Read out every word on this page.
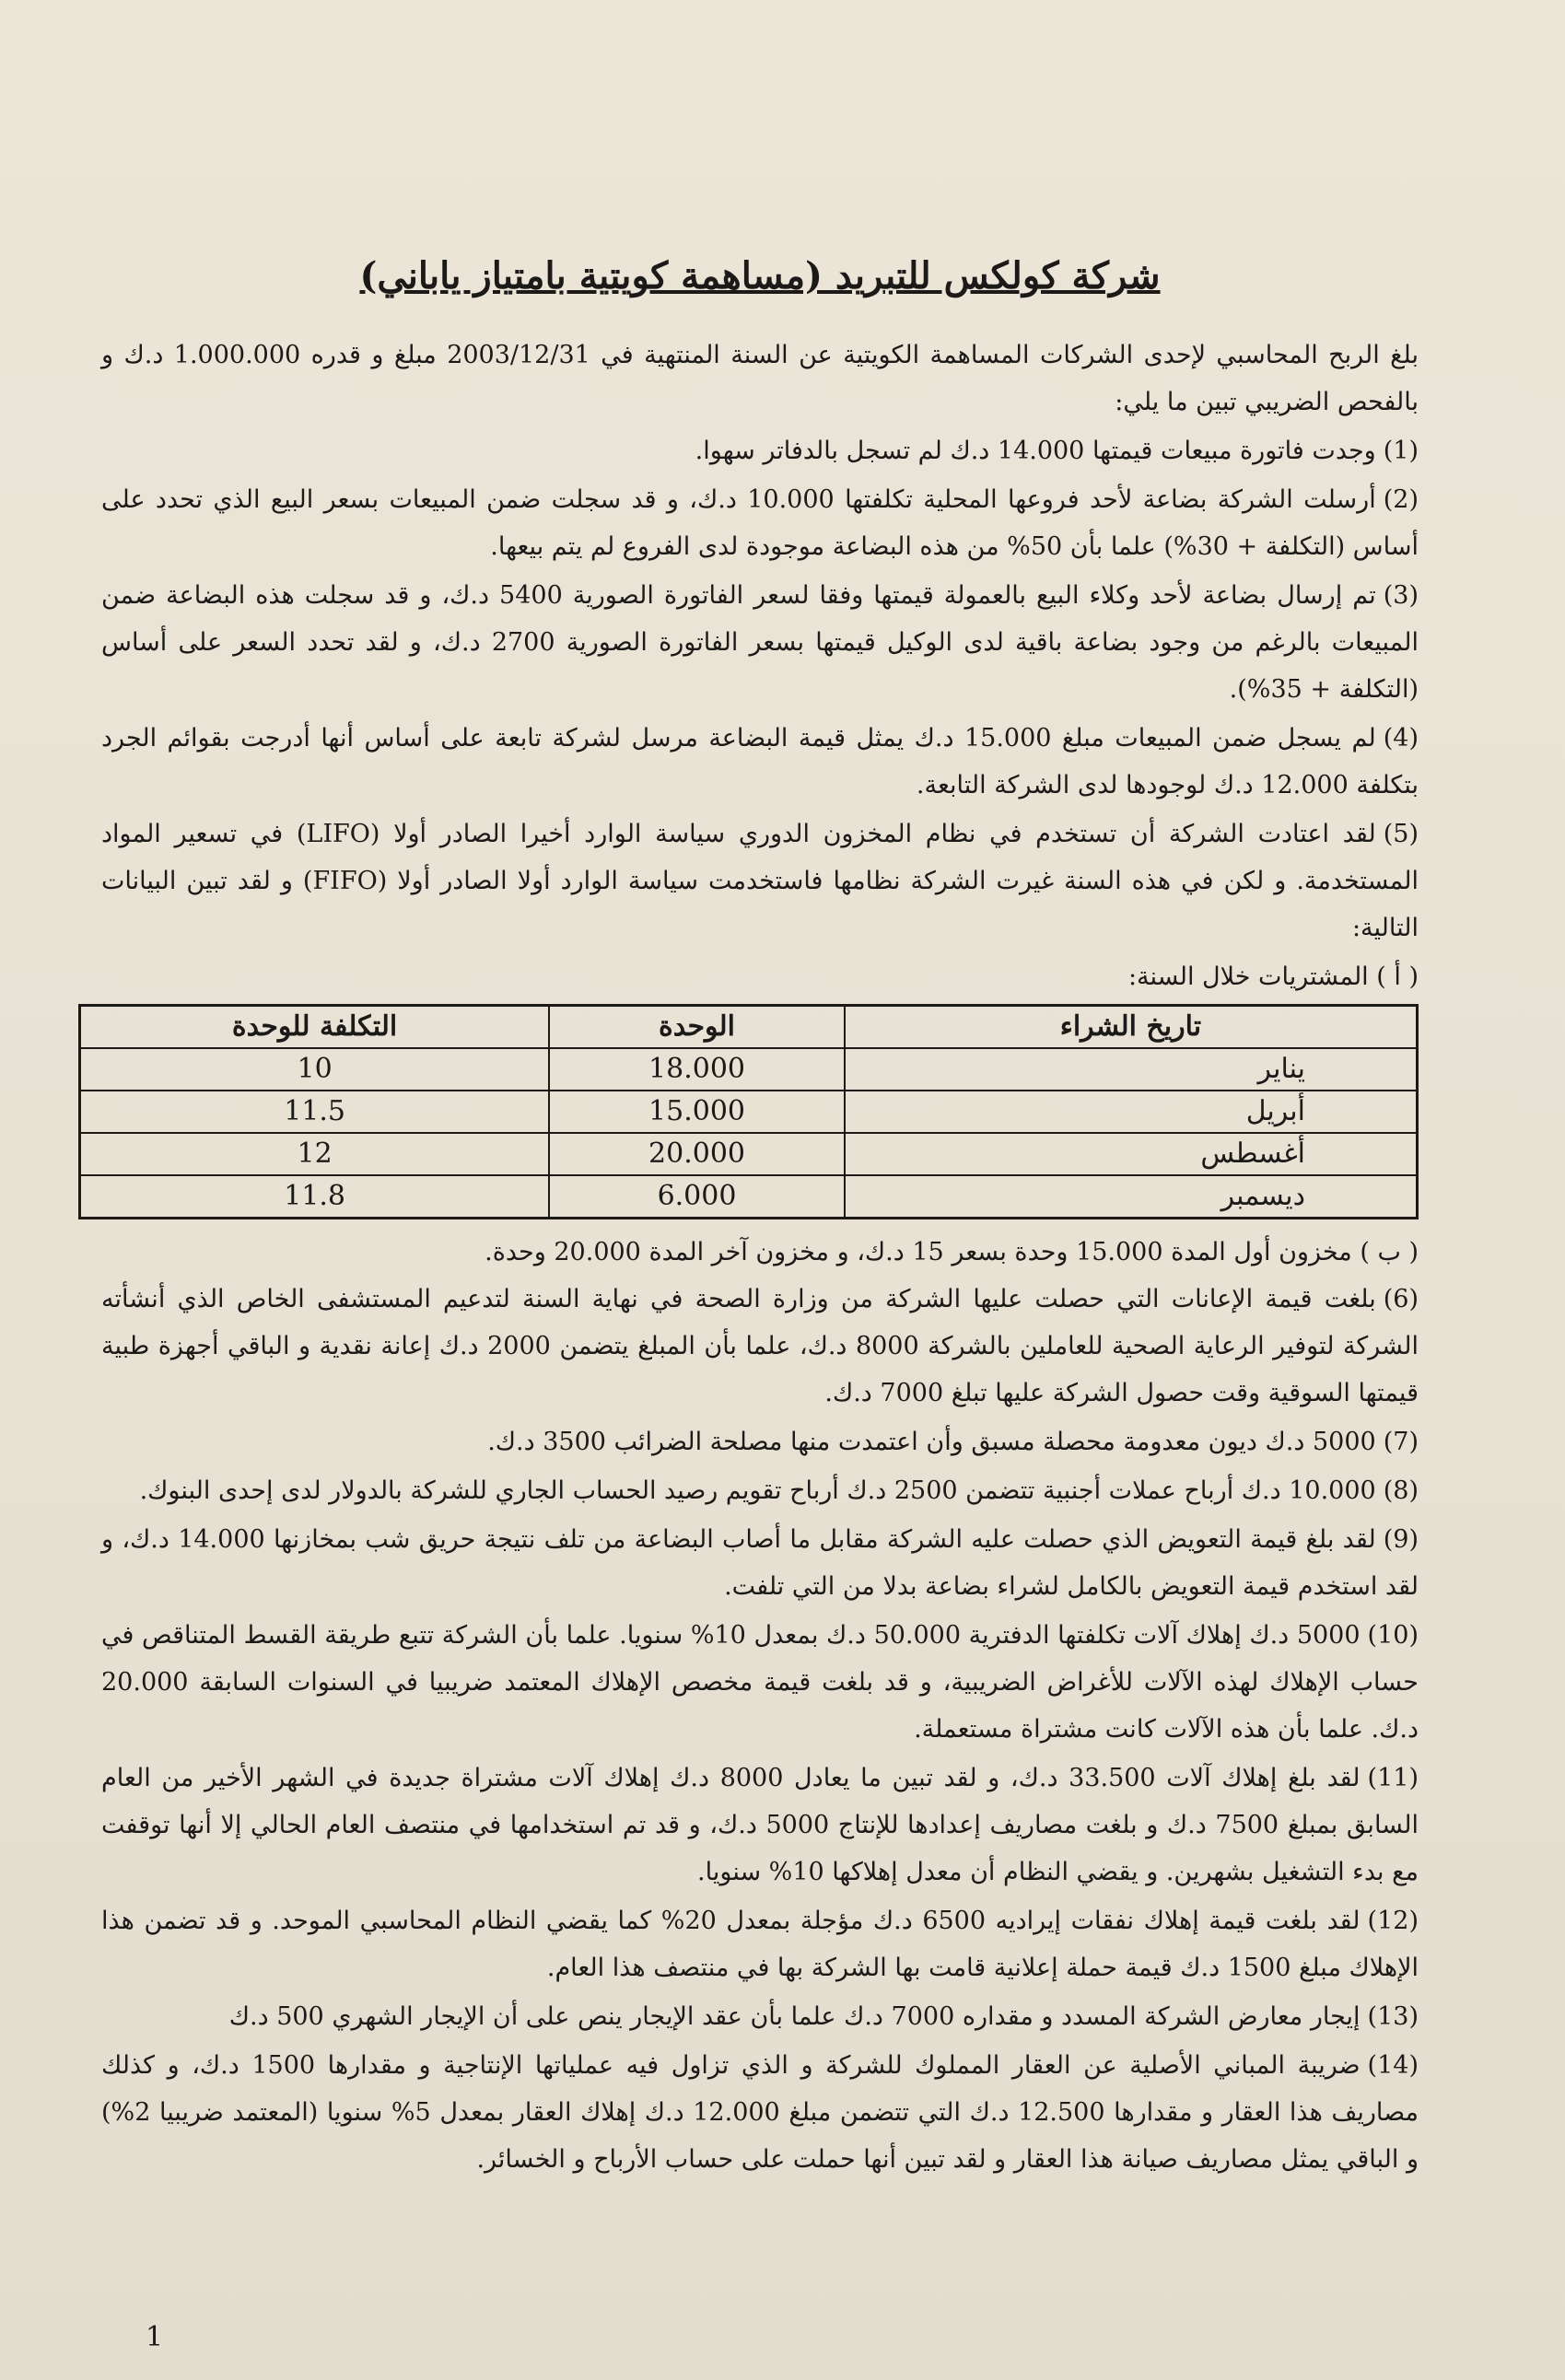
شركة كولكس للتبريد (مساهمة كويتية بامتياز ياباني)
بلغ الربح المحاسبي لإحدى الشركات المساهمة الكويتية عن السنة المنتهية في 2003/12/31 مبلغ و قدره 1.000.000 د.ك و بالفحص الضريبي تبين ما يلي:
(1)وجدت فاتورة مبيعات قيمتها 14.000 د.ك لم تسجل بالدفاتر سهوا.
(2)أرسلت الشركة بضاعة لأحد فروعها المحلية تكلفتها 10.000 د.ك، و قد سجلت ضمن المبيعات بسعر البيع الذي تحدد على أساس (التكلفة + 30%) علما بأن 50% من هذه البضاعة موجودة لدى الفروع لم يتم بيعها.
(3)تم إرسال بضاعة لأحد وكلاء البيع بالعمولة قيمتها وفقا لسعر الفاتورة الصورية 5400 د.ك، و قد سجلت هذه البضاعة ضمن المبيعات بالرغم من وجود بضاعة باقية لدى الوكيل قيمتها بسعر الفاتورة الصورية 2700 د.ك، و لقد تحدد السعر على أساس (التكلفة + 35%).
(4)لم يسجل ضمن المبيعات مبلغ 15.000 د.ك يمثل قيمة البضاعة مرسل لشركة تابعة على أساس أنها أدرجت بقوائم الجرد بتكلفة 12.000 د.ك لوجودها لدى الشركة التابعة.
(5)لقد اعتادت الشركة أن تستخدم في نظام المخزون الدوري سياسة الوارد أخيرا الصادر أولا (LIFO) في تسعير المواد المستخدمة. و لكن في هذه السنة غيرت الشركة نظامها فاستخدمت سياسة الوارد أولا الصادر أولا (FIFO) و لقد تبين البيانات التالية:
( أ ) المشتريات خلال السنة:
تاريخ الشراء	الوحدة	التكلفة للوحدة
يناير	18.000	10
أبريل	15.000	11.5
أغسطس	20.000	12
ديسمبر	6.000	11.8
( ب ) مخزون أول المدة 15.000 وحدة بسعر 15 د.ك، و مخزون آخر المدة 20.000 وحدة.
(6)بلغت قيمة الإعانات التي حصلت عليها الشركة من وزارة الصحة في نهاية السنة لتدعيم المستشفى الخاص الذي أنشأته الشركة لتوفير الرعاية الصحية للعاملين بالشركة 8000 د.ك، علما بأن المبلغ يتضمن 2000 د.ك إعانة نقدية و الباقي أجهزة طبية قيمتها السوقية وقت حصول الشركة عليها تبلغ 7000 د.ك.
(7)5000 د.ك ديون معدومة محصلة مسبق وأن اعتمدت منها مصلحة الضرائب 3500 د.ك.
(8)10.000 د.ك أرباح عملات أجنبية تتضمن 2500 د.ك أرباح تقويم رصيد الحساب الجاري للشركة بالدولار لدى إحدى البنوك.
(9)لقد بلغ قيمة التعويض الذي حصلت عليه الشركة مقابل ما أصاب البضاعة من تلف نتيجة حريق شب بمخازنها 14.000 د.ك، و لقد استخدم قيمة التعويض بالكامل لشراء بضاعة بدلا من التي تلفت.
(10)5000 د.ك إهلاك آلات تكلفتها الدفترية 50.000 د.ك بمعدل 10% سنويا. علما بأن الشركة تتبع طريقة القسط المتناقص في حساب الإهلاك لهذه الآلات للأغراض الضريبية، و قد بلغت قيمة مخصص الإهلاك المعتمد ضريبيا في السنوات السابقة 20.000 د.ك. علما بأن هذه الآلات كانت مشتراة مستعملة.
(11)لقد بلغ إهلاك آلات 33.500 د.ك، و لقد تبين ما يعادل 8000 د.ك إهلاك آلات مشتراة جديدة في الشهر الأخير من العام السابق بمبلغ 7500 د.ك و بلغت مصاريف إعدادها للإنتاج 5000 د.ك، و قد تم استخدامها في منتصف العام الحالي إلا أنها توقفت مع بدء التشغيل بشهرين. و يقضي النظام أن معدل إهلاكها 10% سنويا.
(12)لقد بلغت قيمة إهلاك نفقات إيراديه 6500 د.ك مؤجلة بمعدل 20% كما يقضي النظام المحاسبي الموحد. و قد تضمن هذا الإهلاك مبلغ 1500 د.ك قيمة حملة إعلانية قامت بها الشركة بها في منتصف هذا العام.
(13)إيجار معارض الشركة المسدد و مقداره 7000 د.ك علما بأن عقد الإيجار ينص على أن الإيجار الشهري 500 د.ك
(14)ضريبة المباني الأصلية عن العقار المملوك للشركة و الذي تزاول فيه عملياتها الإنتاجية و مقدارها 1500 د.ك، و كذلك مصاريف هذا العقار و مقدارها 12.500 د.ك التي تتضمن مبلغ 12.000 د.ك إهلاك العقار بمعدل 5% سنويا (المعتمد ضريبيا 2%) و الباقي يمثل مصاريف صيانة هذا العقار و لقد تبين أنها حملت على حساب الأرباح و الخسائر.
1
